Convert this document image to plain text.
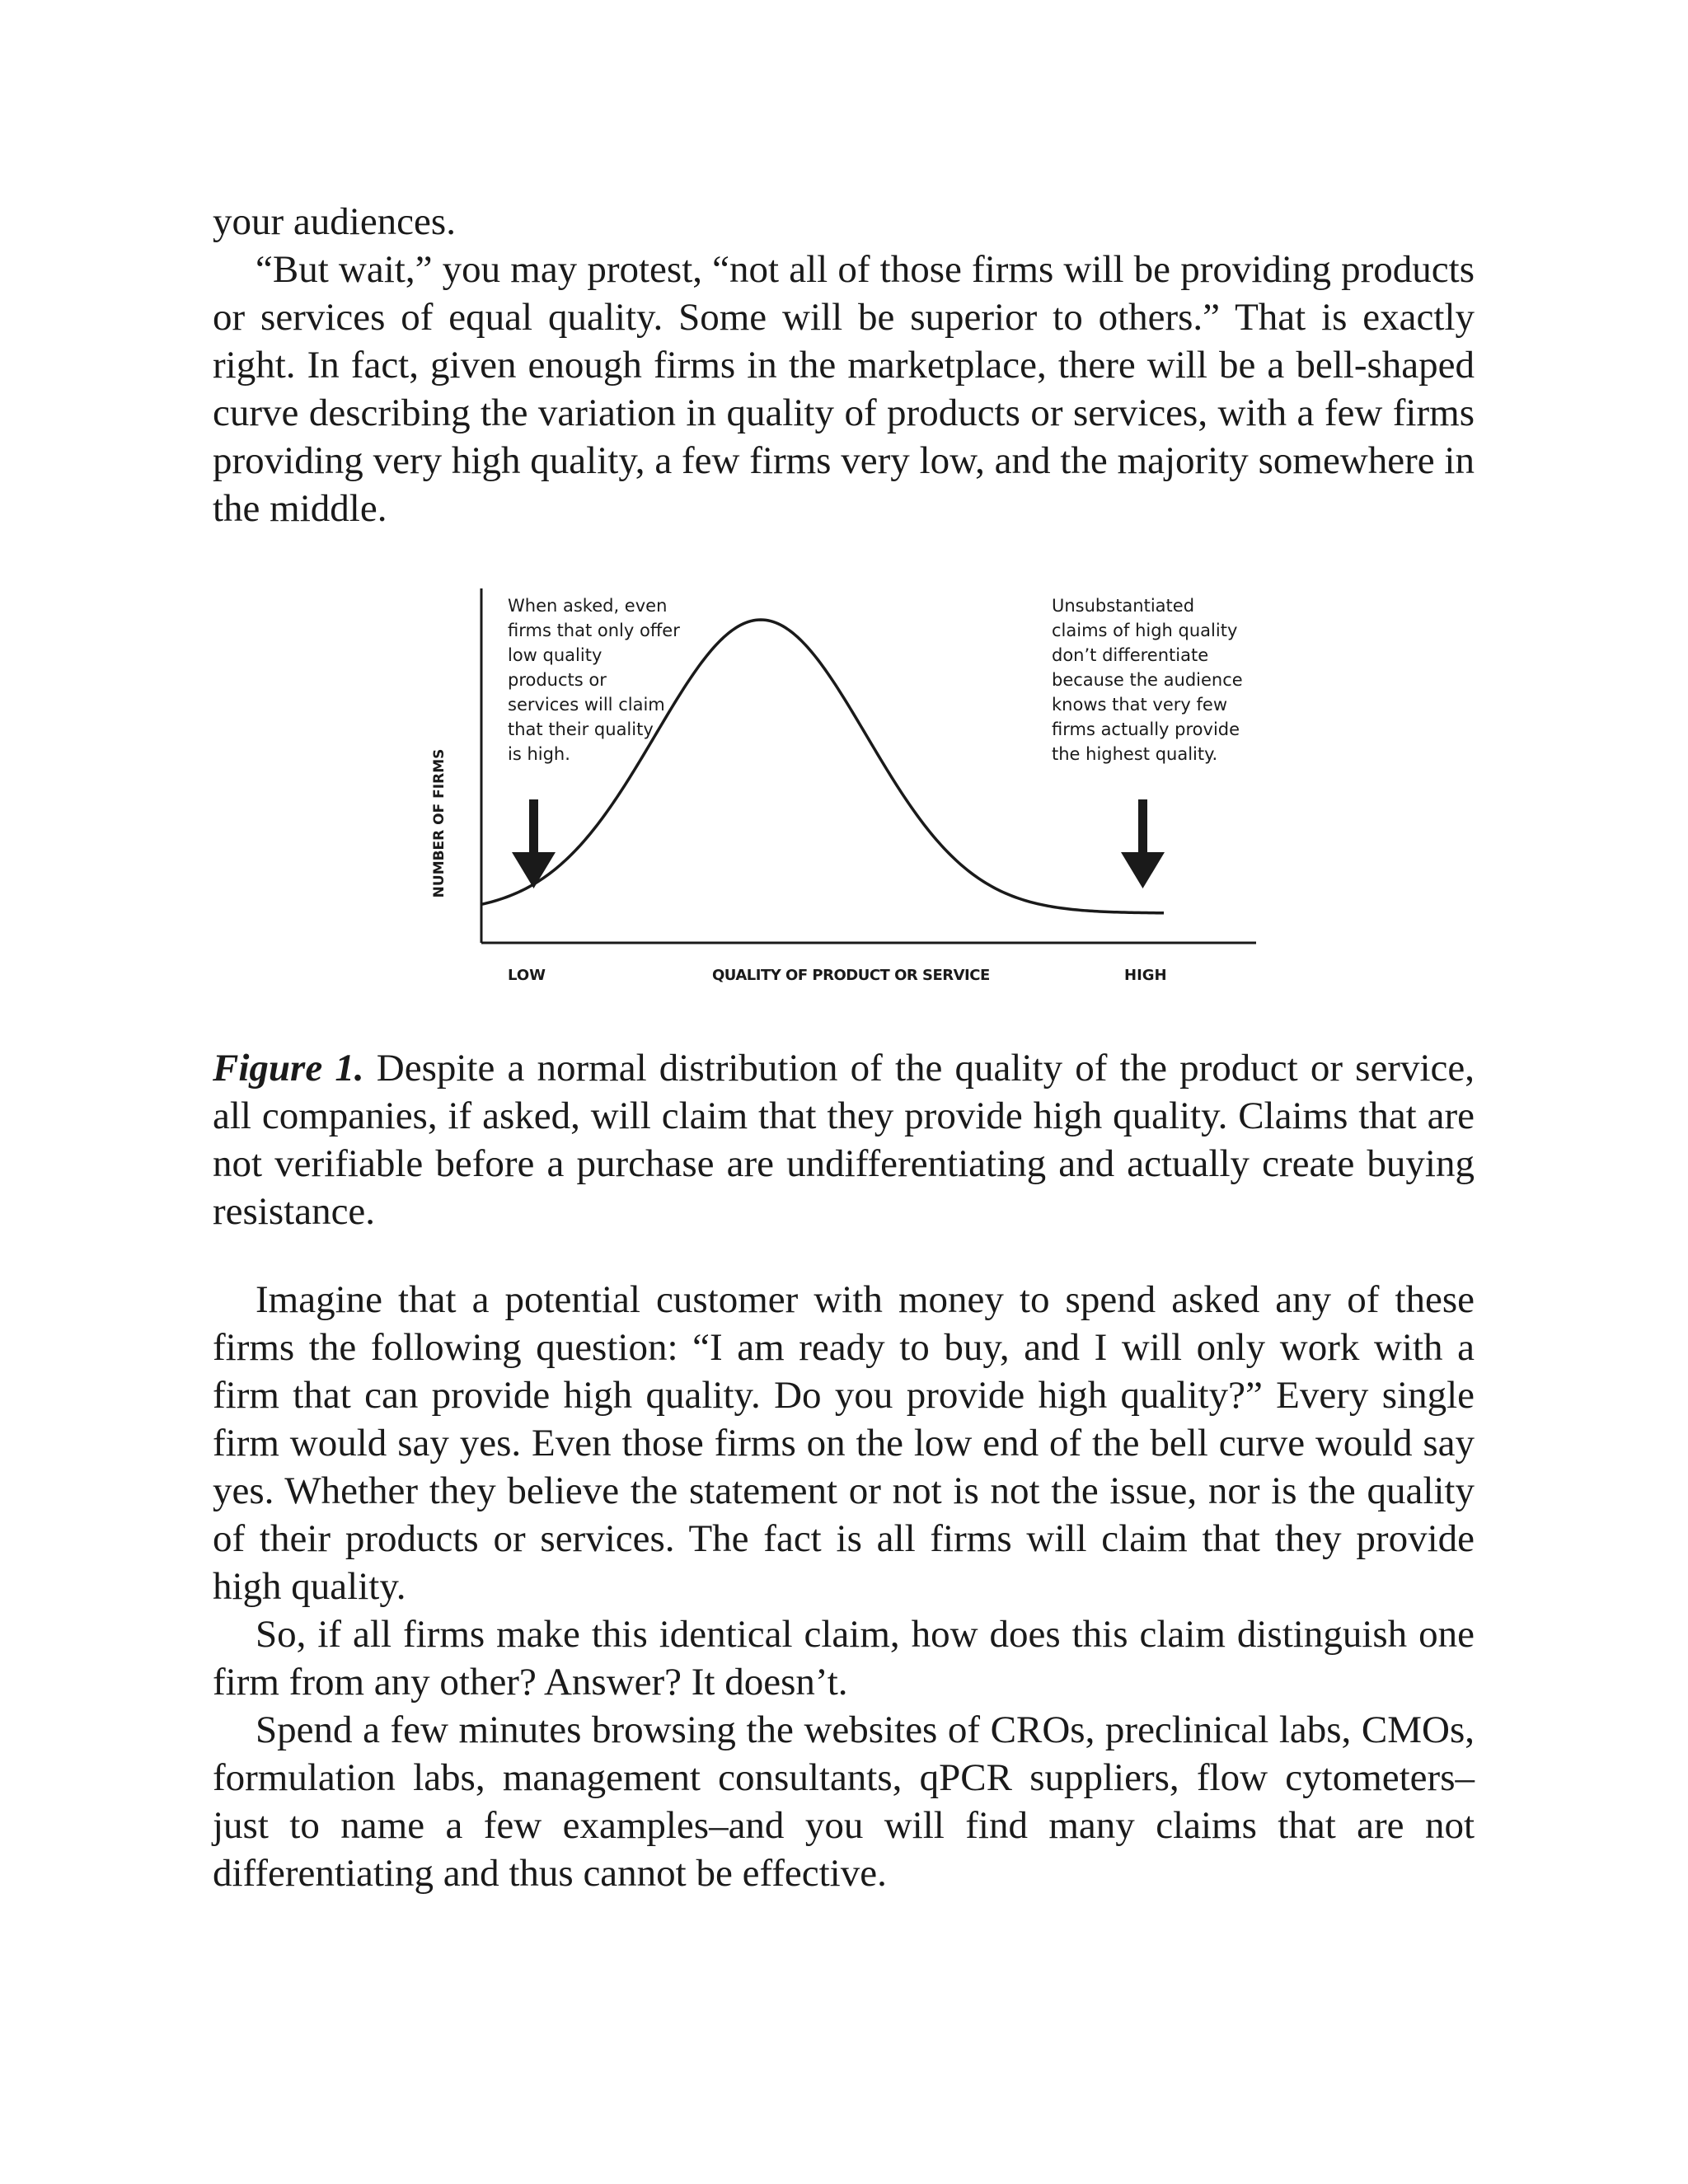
your audiences.

“But wait,” you may protest, “not all of those firms will be providing products or services of equal quality. Some will be superior to others.” That is exactly right. In fact, given enough firms in the marketplace, there will be a bell-shaped curve describing the variation in quality of products or services, with a few firms providing very high quality, a few firms very low, and the majority somewhere in the middle.

NUMBER OF FIRMS
LOW	QUALITY OF PRODUCT OR SERVICE	HIGH
When asked, even firms that only offer low quality products or services will claim that their quality is high.
Unsubstantiated claims of high quality don’t differentiate because the audience knows that very few firms actually provide the highest quality.

Figure 1. Despite a normal distribution of the quality of the product or service, all companies, if asked, will claim that they provide high quality. Claims that are not verifiable before a purchase are undifferentiating and actually create buying resistance.

Imagine that a potential customer with money to spend asked any of these firms the following question: “I am ready to buy, and I will only work with a firm that can provide high quality. Do you provide high quality?” Every single firm would say yes. Even those firms on the low end of the bell curve would say yes. Whether they believe the statement or not is not the issue, nor is the quality of their products or services. The fact is all firms will claim that they provide high quality.

So, if all firms make this identical claim, how does this claim distinguish one firm from any other? Answer? It doesn’t.

Spend a few minutes browsing the websites of CROs, preclinical labs, CMOs, formulation labs, management consultants, qPCR suppliers, flow cytometers–just to name a few examples–and you will find many claims that are not differentiating and thus cannot be effective.
